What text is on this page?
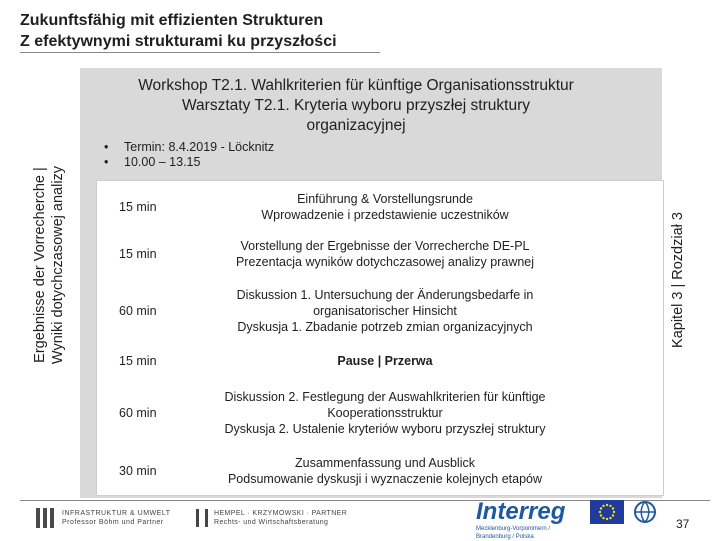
Zukunftsfähig mit effizienten Strukturen
Z efektywnymi strukturami ku przyszłości
Ergebnisse der Vorrecherche | Wyniki dotychczasowej analizy	Kapitel 3 | Rozdział 3
Workshop T2.1. Wahlkriterien für künftige Organisationsstruktur
Warsztaty T2.1. Kryteria wyboru przyszłej struktury
organizacyjnej
• Termin: 8.4.2019 - Löcknitz
• 10.00 – 13.15
15 min
Einführung & Vorstellungsrunde
Wprowadzenie i przedstawienie uczestników
15 min
Vorstellung der Ergebnisse der Vorrecherche DE-PL
Prezentacja wyników dotychczasowej analizy prawnej
60 min
Diskussion 1. Untersuchung der Änderungsbedarfe in
organisatorischer Hinsicht
Dyskusja 1. Zbadanie potrzeb zmian organizacyjnych
15 min	Pause | Przerwa
60 min
Diskussion 2. Festlegung der Auswahlkriterien für künftige
Kooperationsstruktur
Dyskusja 2. Ustalenie kryteriów wyboru przyszłej struktury
30 min
Zusammenfassung und Ausblick
Podsumowanie dyskusji i wyznaczenie kolejnych etapów
INFRASTRUKTUR & UMWELT
Professor Böhm und Partner
HEMPEL · KRZYMOWSKI · PARTNER
Rechts- und Wirtschaftsberatung	Interreg
Mecklenburg-Vorpommern / Brandenburg / Polska
37
